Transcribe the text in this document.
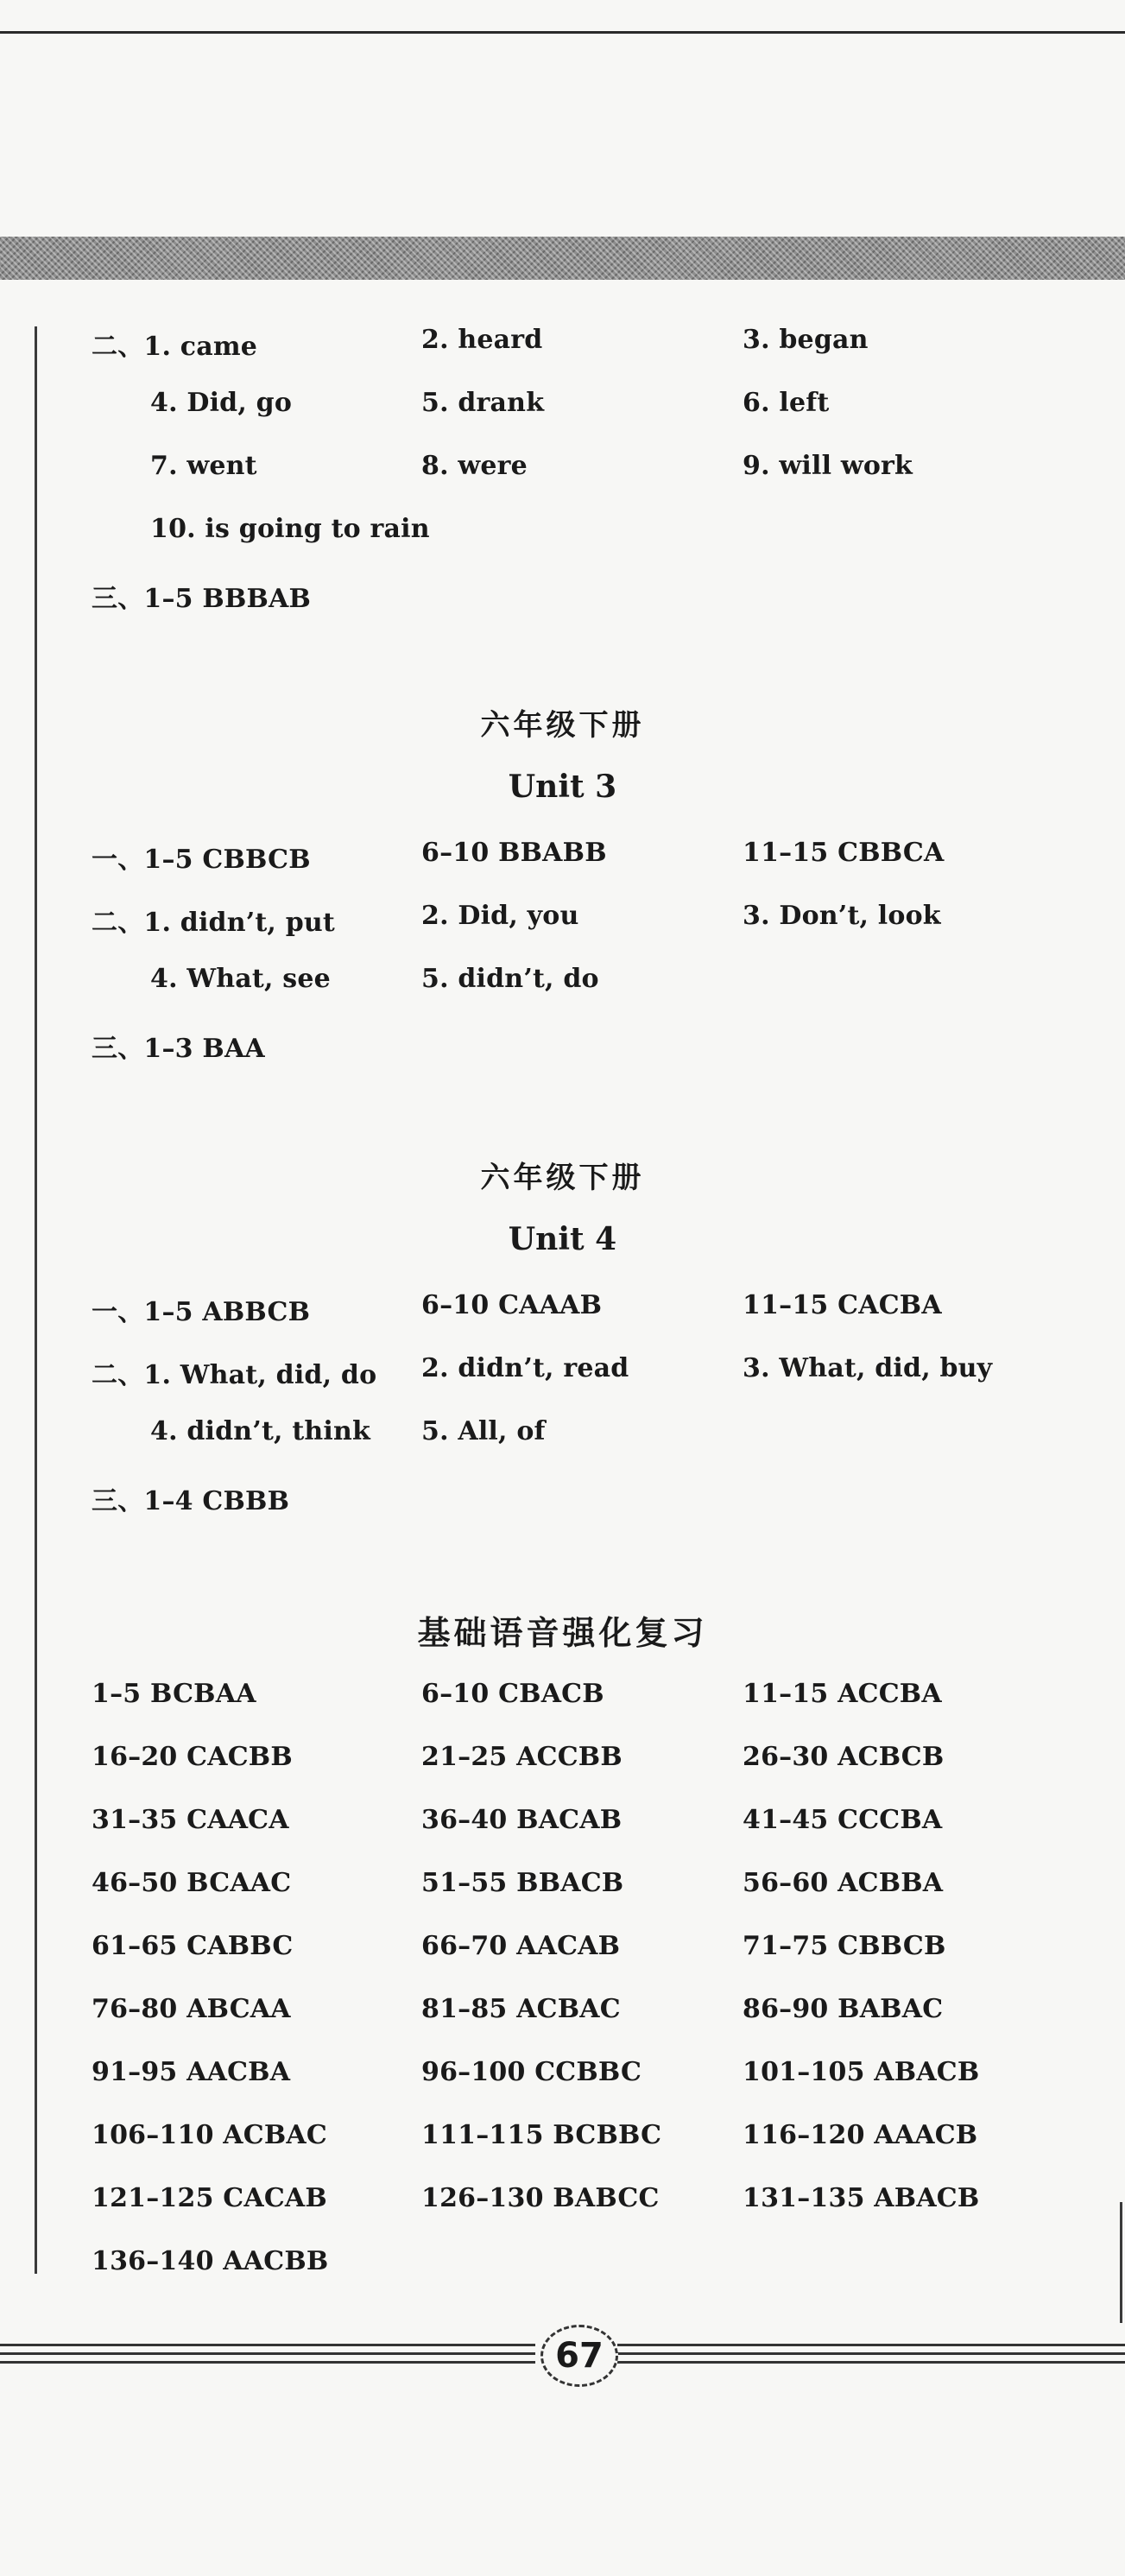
二、1. came	2. heard	3. began
4. Did, go	5. drank	6. left
7. went	8. were	9. will work
10. is going to rain
三、1–5 BBBAB
六年级下册
Unit 3
一、1–5 CBBCB	6–10 BBABB	11–15 CBBCA
二、1. didn’t, put	2. Did, you	3. Don’t, look
4. What, see	5. didn’t, do
三、1–3 BAA
六年级下册
Unit 4
一、1–5 ABBCB	6–10 CAAAB	11–15 CACBA
二、1. What, did, do 2. didn’t, read	3. What, did, buy
4. didn’t, think 5. All, of
三、1–4 CBBB
基础语音强化复习
1–5 BCBAA	6–10 CBACB	11–15 ACCBA
16–20 CACBB	21–25 ACCBB	26–30 ACBCB
31–35 CAACA	36–40 BACAB	41–45 CCCBA
46–50 BCAAC	51–55 BBACB	56–60 ACBBA
61–65 CABBC	66–70 AACAB	71–75 CBBCB
76–80 ABCAA	81–85 ACBAC	86–90 BABAC
91–95 AACBA	96–100 CCBBC	101–105 ABACB
106–110 ACBAC	111–115 BCBBC	116–120 AAACB
121–125 CACAB	126–130 BABCC	131–135 ABACB
136–140 AACBB
67
